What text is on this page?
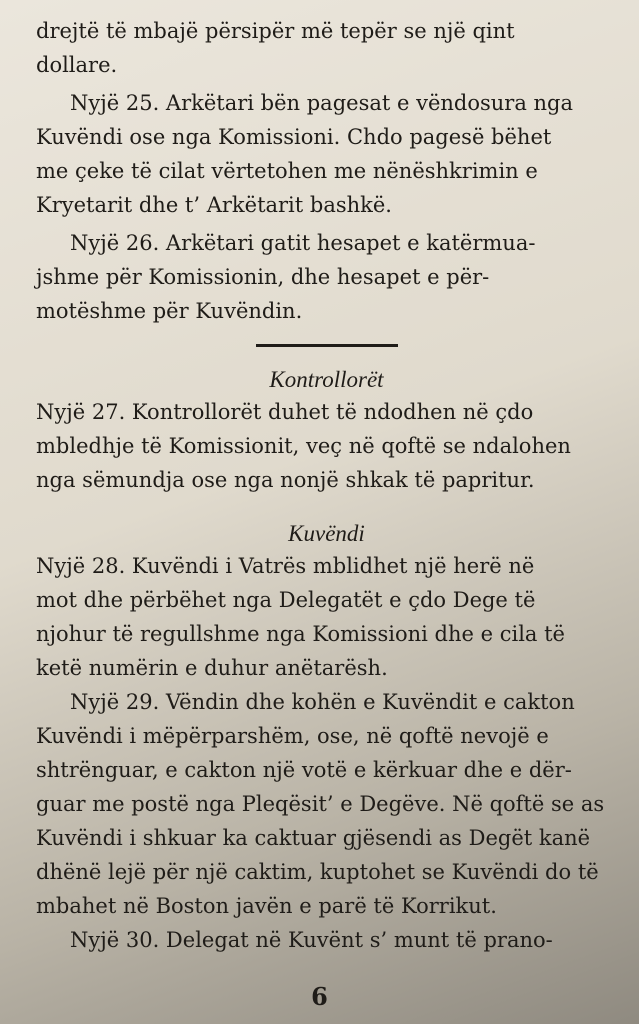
drejtë të mbajë përsipër më tepër se një qint
dollare.

Nyjë 25. Arkëtari bën pagesat e vëndosura nga
Kuvëndi ose nga Komissioni. Chdo pagesë bëhet
me çeke të cilat vërtetohen me nënëshkrimin e
Kryetarit dhe t’ Arkëtarit bashkë.

Nyjë 26. Arkëtari gatit hesapet e katërmua-
jshme për Komissionin, dhe hesapet e për-
motëshme për Kuvëndin.

Kontrollorët

Nyjë 27. Kontrollorët duhet të ndodhen në çdo
mbledhje të Komissionit, veç në qoftë se ndalohen
nga sëmundja ose nga nonjë shkak të papritur.

Kuvëndi

Nyjë 28. Kuvëndi i Vatrës mblidhet një herë në
mot dhe përbëhet nga Delegatët e çdo Dege të
njohur të regullshme nga Komissioni dhe e cila të
ketë numërin e duhur anëtarësh.

Nyjë 29. Vëndin dhe kohën e Kuvëndit e cakton
Kuvëndi i mëpërparshëm, ose, në qoftë nevojë e
shtrënguar, e cakton një votë e kërkuar dhe e dër-
guar me postë nga Pleqësit’ e Degëve. Në qoftë se as
Kuvëndi i shkuar ka caktuar gjësendi as Degët kanë
dhënë lejë për një caktim, kuptohet se Kuvëndi do të
mbahet në Boston javën e parë të Korrikut.

Nyjë 30. Delegat në Kuvënt s’ munt të prano-

6
